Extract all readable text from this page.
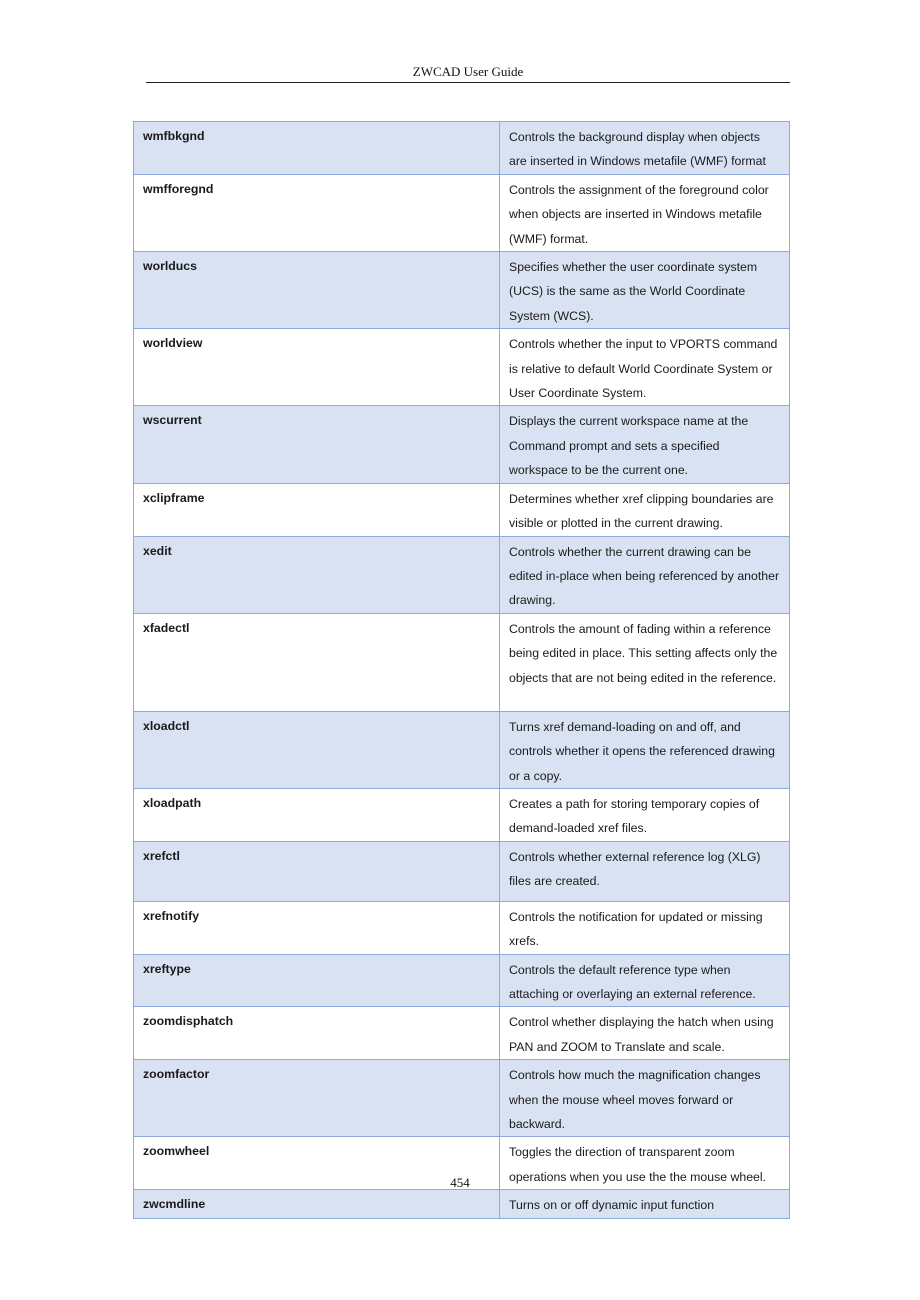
ZWCAD User Guide
wmfbkgnd	Controls the background display when objects are inserted in Windows metafile (WMF) format
wmfforegnd	Controls the assignment of the foreground color when objects are inserted in Windows metafile (WMF) format.
worlducs	Specifies whether the user coordinate system (UCS) is the same as the World Coordinate System (WCS).
worldview	Controls whether the input to VPORTS command is relative to default World Coordinate System or User Coordinate System.
wscurrent	Displays the current workspace name at the Command prompt and sets a specified workspace to be the current one.
xclipframe	Determines whether xref clipping boundaries are visible or plotted in the current drawing.
xedit	Controls whether the current drawing can be edited in-place when being referenced by another drawing.
xfadectl	Controls the amount of fading within a reference being edited in place. This setting affects only the objects that are not being edited in the reference.
xloadctl	Turns xref demand-loading on and off, and controls whether it opens the referenced drawing or a copy.
xloadpath	Creates a path for storing temporary copies of demand-loaded xref files.
xrefctl	Controls whether external reference log (XLG) files are created.
xrefnotify	Controls the notification for updated or missing xrefs.
xreftype	Controls the default reference type when attaching or overlaying an external reference.
zoomdisphatch	Control whether displaying the hatch when using PAN and ZOOM to Translate and scale.
zoomfactor	Controls how much the magnification changes when the mouse wheel moves forward or backward.
zoomwheel	Toggles the direction of transparent zoom operations when you use the the mouse wheel.
zwcmdline	Turns on or off dynamic input function
454
